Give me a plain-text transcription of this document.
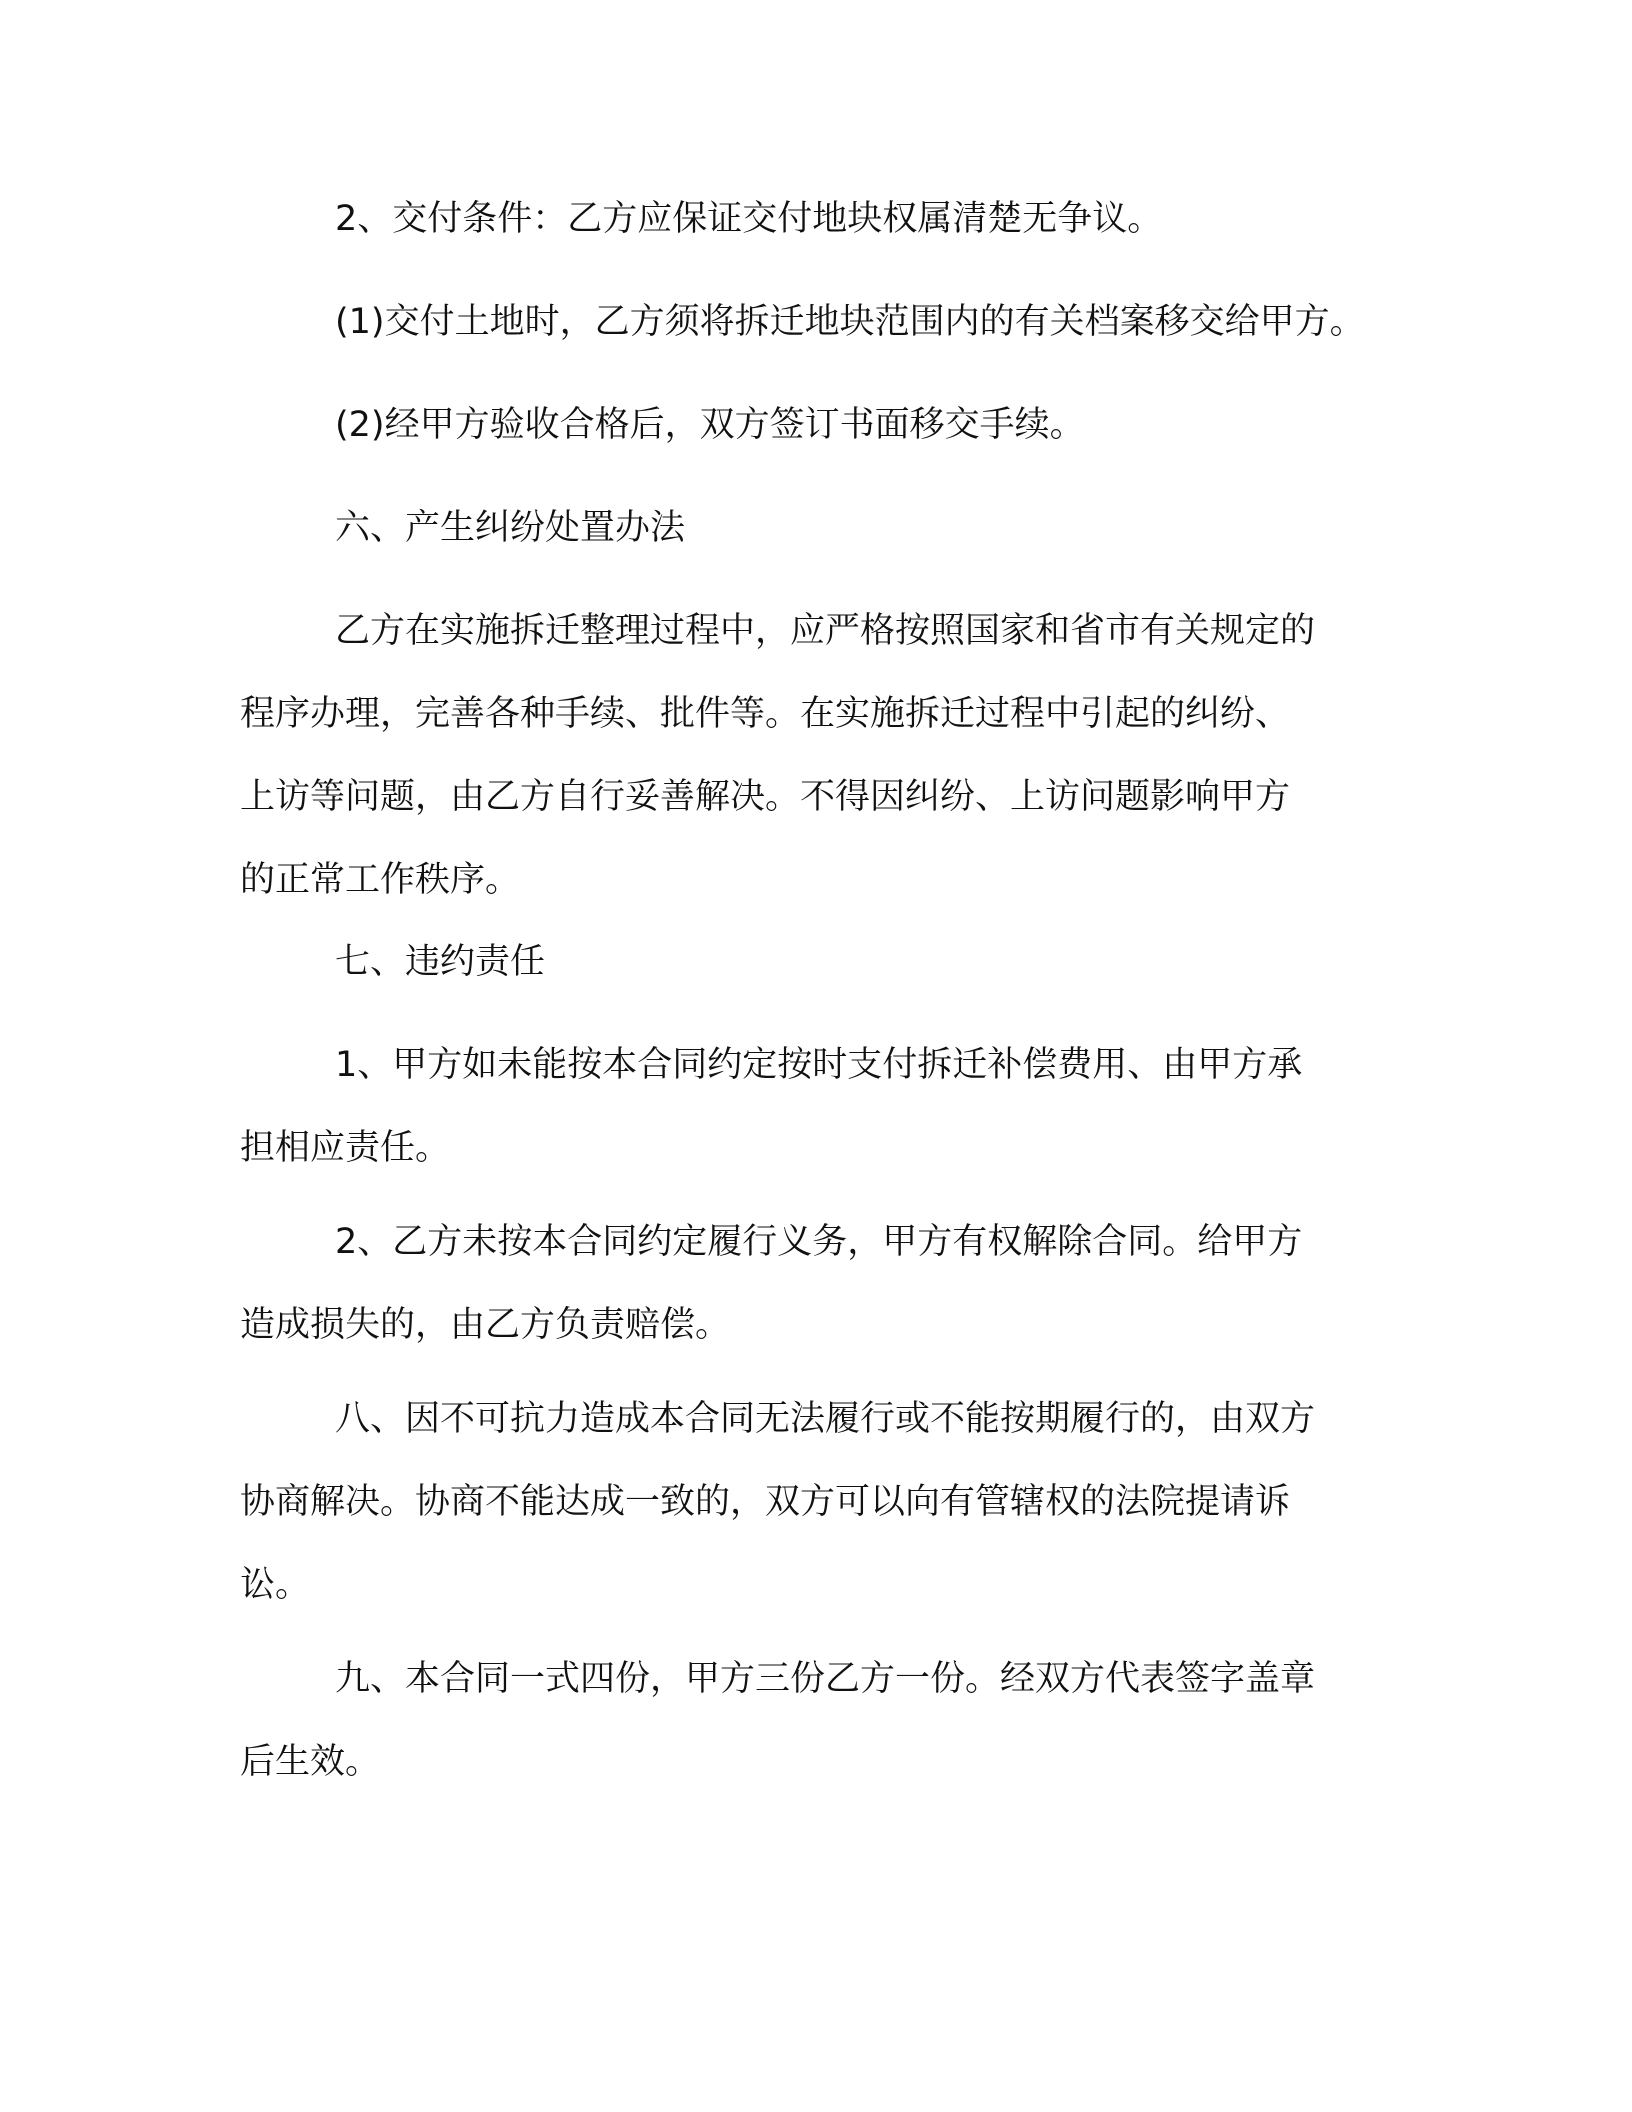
2、交付条件：乙方应保证交付地块权属清楚无争议。

(1)交付土地时，乙方须将拆迁地块范围内的有关档案移交给甲方。

(2)经甲方验收合格后，双方签订书面移交手续。

六、产生纠纷处置办法

乙方在实施拆迁整理过程中，应严格按照国家和省市有关规定的
程序办理，完善各种手续、批件等。在实施拆迁过程中引起的纠纷、
上访等问题，由乙方自行妥善解决。不得因纠纷、上访问题影响甲方
的正常工作秩序。

七、违约责任

1、甲方如未能按本合同约定按时支付拆迁补偿费用、由甲方承
担相应责任。

2、乙方未按本合同约定履行义务，甲方有权解除合同。给甲方
造成损失的，由乙方负责赔偿。

八、因不可抗力造成本合同无法履行或不能按期履行的，由双方
协商解决。协商不能达成一致的，双方可以向有管辖权的法院提请诉
讼。

九、本合同一式四份，甲方三份乙方一份。经双方代表签字盖章
后生效。
